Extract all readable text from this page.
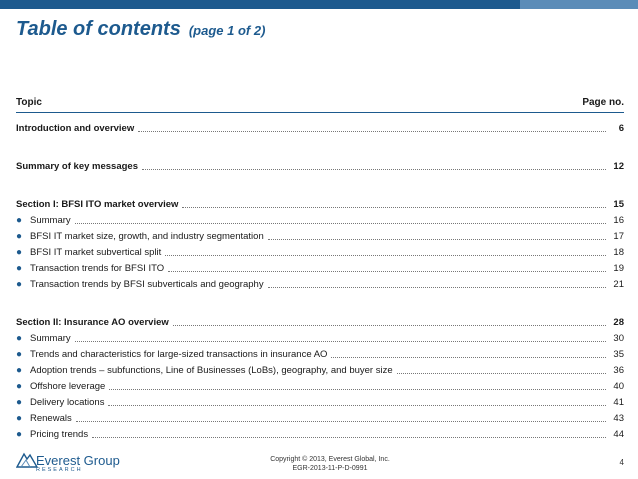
Table of contents (page 1 of 2)
Topic	Page no.
Introduction and overview	6
Summary of key messages	12
Section I: BFSI ITO market overview	15
● Summary	16
● BFSI IT market size, growth, and industry segmentation	17
● BFSI IT market subvertical split	18
● Transaction trends for BFSI ITO	19
● Transaction trends by BFSI subverticals and geography	21
Section II: Insurance AO overview	28
● Summary	30
● Trends and characteristics for large-sized transactions in insurance AO	35
● Adoption trends – subfunctions, Line of Businesses (LoBs), geography, and buyer size	36
● Offshore leverage	40
● Delivery locations	41
● Renewals	43
● Pricing trends	44
Everest Group
RESEARCH
Copyright © 2013, Everest Global, Inc.
EGR-2013-11-P-D-0991
4
